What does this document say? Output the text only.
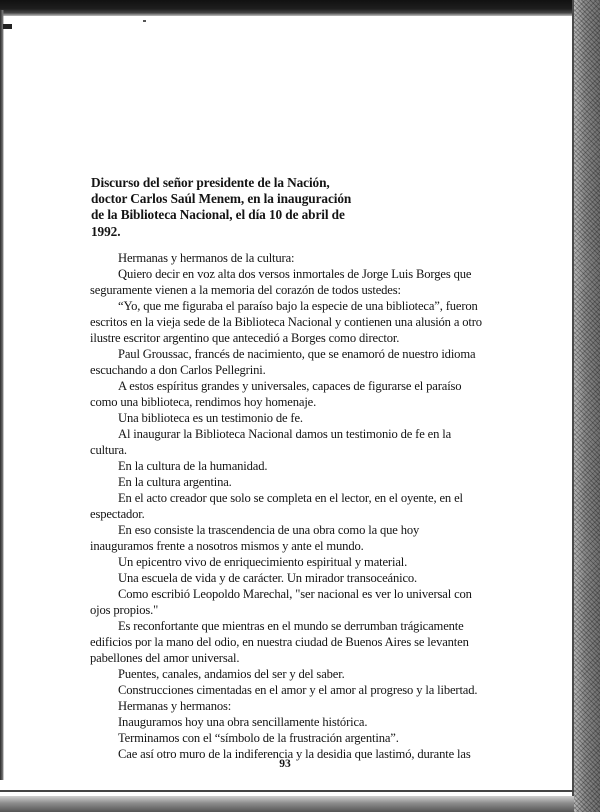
Discurso del señor presidente de la Nación,
doctor Carlos Saúl Menem, en la inauguración
de la Biblioteca Nacional, el día 10 de abril de
1992.
Hermanas y hermanos de la cultura:
Quiero decir en voz alta dos versos inmortales de Jorge Luis Borges que
seguramente vienen a la memoria del corazón de todos ustedes:
“Yo, que me figuraba el paraíso bajo la especie de una biblioteca”, fueron
escritos en la vieja sede de la Biblioteca Nacional y contienen una alusión a otro
ilustre escritor argentino que antecedió a Borges como director.
Paul Groussac, francés de nacimiento, que se enamoró de nuestro idioma
escuchando a don Carlos Pellegrini.
A estos espíritus grandes y universales, capaces de figurarse el paraíso
como una biblioteca, rendimos hoy homenaje.
Una biblioteca es un testimonio de fe.
Al inaugurar la Biblioteca Nacional damos un testimonio de fe en la
cultura.
En la cultura de la humanidad.
En la cultura argentina.
En el acto creador que solo se completa en el lector, en el oyente, en el
espectador.
En eso consiste la trascendencia de una obra como la que hoy
inauguramos frente a nosotros mismos y ante el mundo.
Un epicentro vivo de enriquecimiento espiritual y material.
Una escuela de vida y de carácter. Un mirador transoceánico.
Como escribió Leopoldo Marechal, "ser nacional es ver lo universal con
ojos propios."
Es reconfortante que mientras en el mundo se derrumban trágicamente
edificios por la mano del odio, en nuestra ciudad de Buenos Aires se levanten
pabellones del amor universal.
Puentes, canales, andamios del ser y del saber.
Construcciones cimentadas en el amor y el amor al progreso y la libertad.
Hermanas y hermanos:
Inauguramos hoy una obra sencillamente histórica.
Terminamos con el “símbolo de la frustración argentina”.
Cae así otro muro de la indiferencia y la desidia que lastimó, durante las
93
